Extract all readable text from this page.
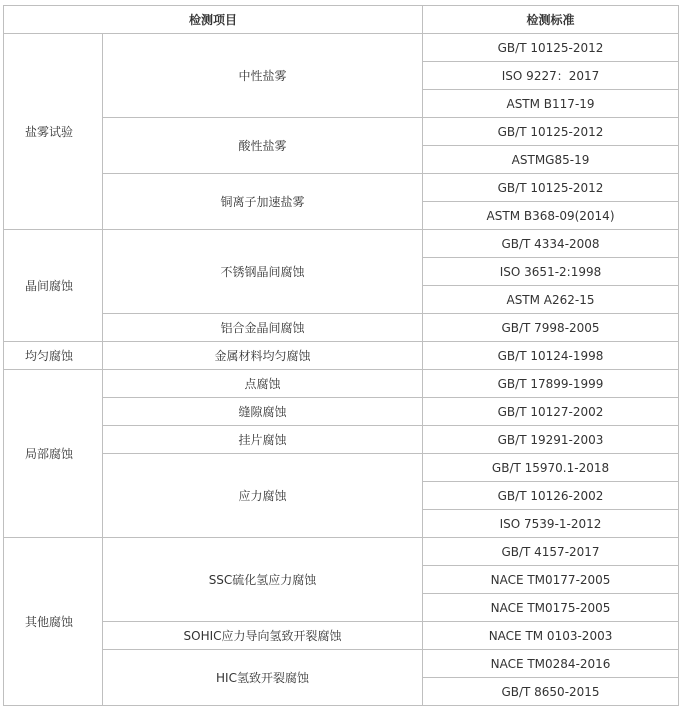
检测项目		检测标准
盐雾试验	中性盐雾	GB/T 10125-2012
		ISO 9227：2017
		ASTM B117-19
	酸性盐雾	GB/T 10125-2012
		ASTMG85-19
	铜离子加速盐雾	GB/T 10125-2012
		ASTM B368-09(2014)
晶间腐蚀	不锈钢晶间腐蚀	GB/T 4334-2008
		ISO 3651-2:1998
		ASTM A262-15
	铝合金晶间腐蚀	GB/T 7998-2005
均匀腐蚀	金属材料均匀腐蚀	GB/T 10124-1998
局部腐蚀	点腐蚀	GB/T 17899-1999
	缝隙腐蚀	GB/T 10127-2002
	挂片腐蚀	GB/T 19291-2003
	应力腐蚀	GB/T 15970.1-2018
		GB/T 10126-2002
		ISO 7539-1-2012
其他腐蚀	SSC硫化氢应力腐蚀	GB/T 4157-2017
		NACE TM0177-2005
		NACE TM0175-2005
	SOHIC应力导向氢致开裂腐蚀	NACE TM 0103-2003
	HIC氢致开裂腐蚀	NACE TM0284-2016
		GB/T 8650-2015
